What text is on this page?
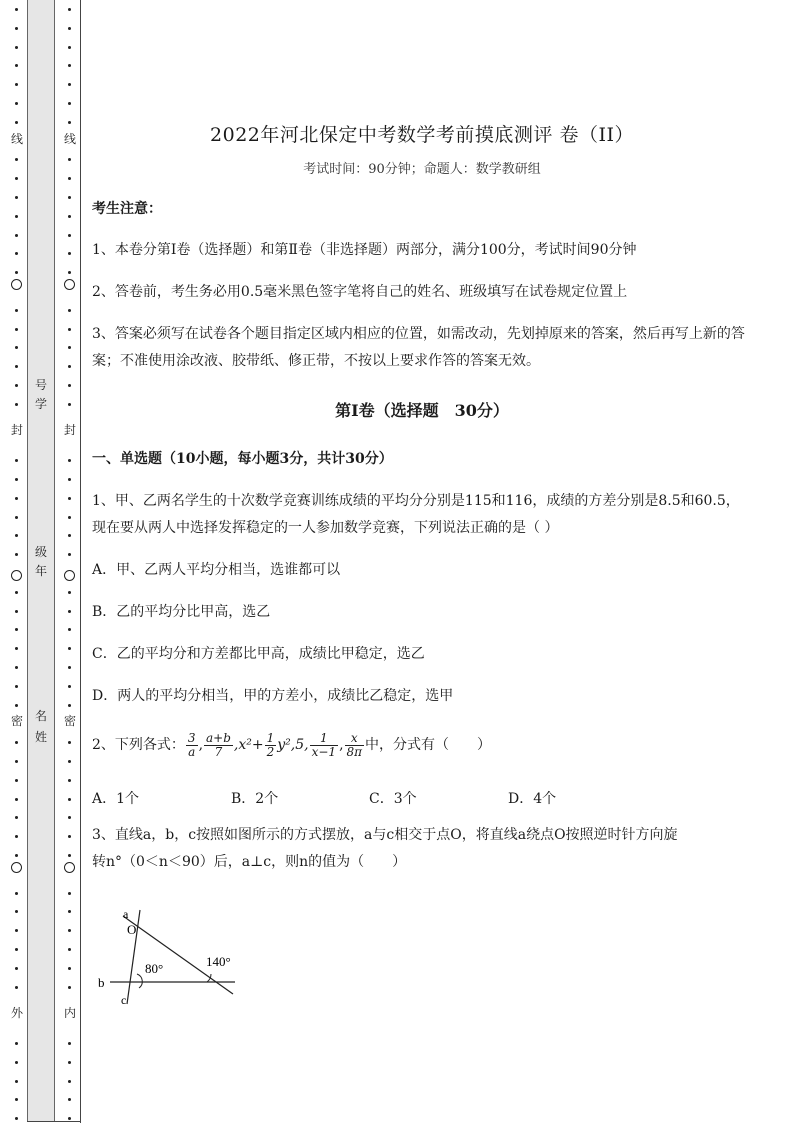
线
封
密
外
号
学
级
年
名
姓
线
封
密
内
2022年河北保定中考数学考前摸底测评 卷（II）
考试时间：90分钟；命题人：数学教研组
考生注意：
1、本卷分第I卷（选择题）和第Ⅱ卷（非选择题）两部分，满分100分，考试时间90分钟
2、答卷前，考生务必用0.5毫米黑色签字笔将自己的姓名、班级填写在试卷规定位置上
3、答案必须写在试卷各个题目指定区域内相应的位置，如需改动，先划掉原来的答案，然后再写上新的答案；不准使用涂改液、胶带纸、修正带，不按以上要求作答的答案无效。
第I卷（选择题　30分）
一、单选题（10小题，每小题3分，共计30分）
1、甲、乙两名学生的十次数学竞赛训练成绩的平均分分别是115和116，成绩的方差分别是8.5和60.5，现在要从两人中选择发挥稳定的一人参加数学竞赛，下列说法正确的是（ ）
A．甲、乙两人平均分相当，选谁都可以
B．乙的平均分比甲高，选乙
C．乙的平均分和方差都比甲高，成绩比甲稳定，选乙
D．两人的平均分相当，甲的方差小，成绩比乙稳定，选甲
2、下列各式： $\frac{3}{a}$ , $\frac{a+b}{7} ,x^2+ \frac{1}{2} y^2,5$, $\frac{1}{x-1}$ , $\frac{x}{8\pi}$ 中，分式有（　　）
A．1个	B．2个	C．3个	D．4个
3、直线a，b，c按照如图所示的方式摆放，a与c相交于点O，将直线a绕点O按照逆时针方向旋
转n°（0＜n＜90）后，a⊥c，则n的值为（　　）
a
O
b
c
80°	140°
